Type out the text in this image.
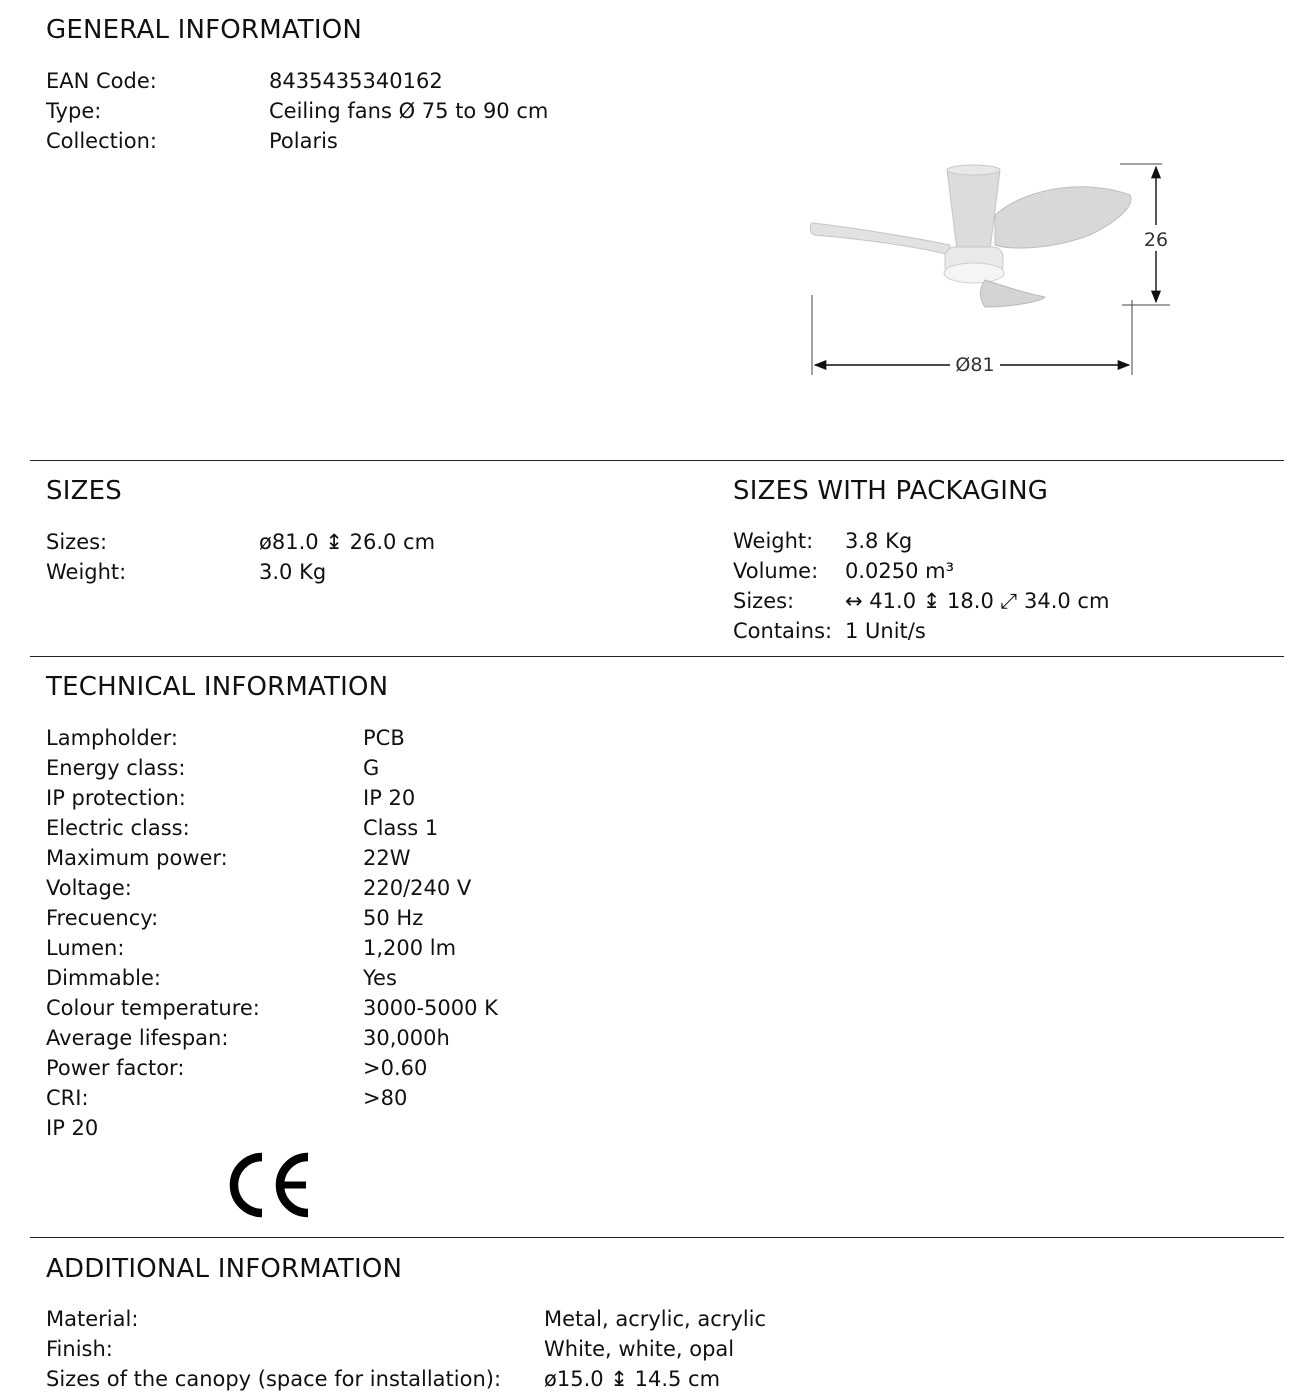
GENERAL INFORMATION
EAN Code:	8435435340162
Type:	Ceiling fans Ø 75 to 90 cm
Collection:	Polaris
26
Ø81
SIZES
Sizes:	ø81.0 ↨ 26.0 cm
Weight:	3.0 Kg
SIZES WITH PACKAGING
Weight: 3.8 Kg
Volume: 0.0250 m³
Sizes: ↔ 41.0 ↨ 18.0 ⤢ 34.0 cm
Contains: 1 Unit/s
TECHNICAL INFORMATION
Lampholder:	PCB
Energy class:	G
IP protection:	IP 20
Electric class:	Class 1
Maximum power:	22W
Voltage:	220/240 V
Frecuency:	50 Hz
Lumen:	1,200 lm
Dimmable:	Yes
Colour temperature:	3000-5000 K
Average lifespan:	30,000h
Power factor:	>0.60
CRI:	>80
IP 20
ADDITIONAL INFORMATION
Material:	Metal, acrylic, acrylic
Finish:	White, white, opal
Sizes of the canopy (space for installation): ø15.0 ↨ 14.5 cm
